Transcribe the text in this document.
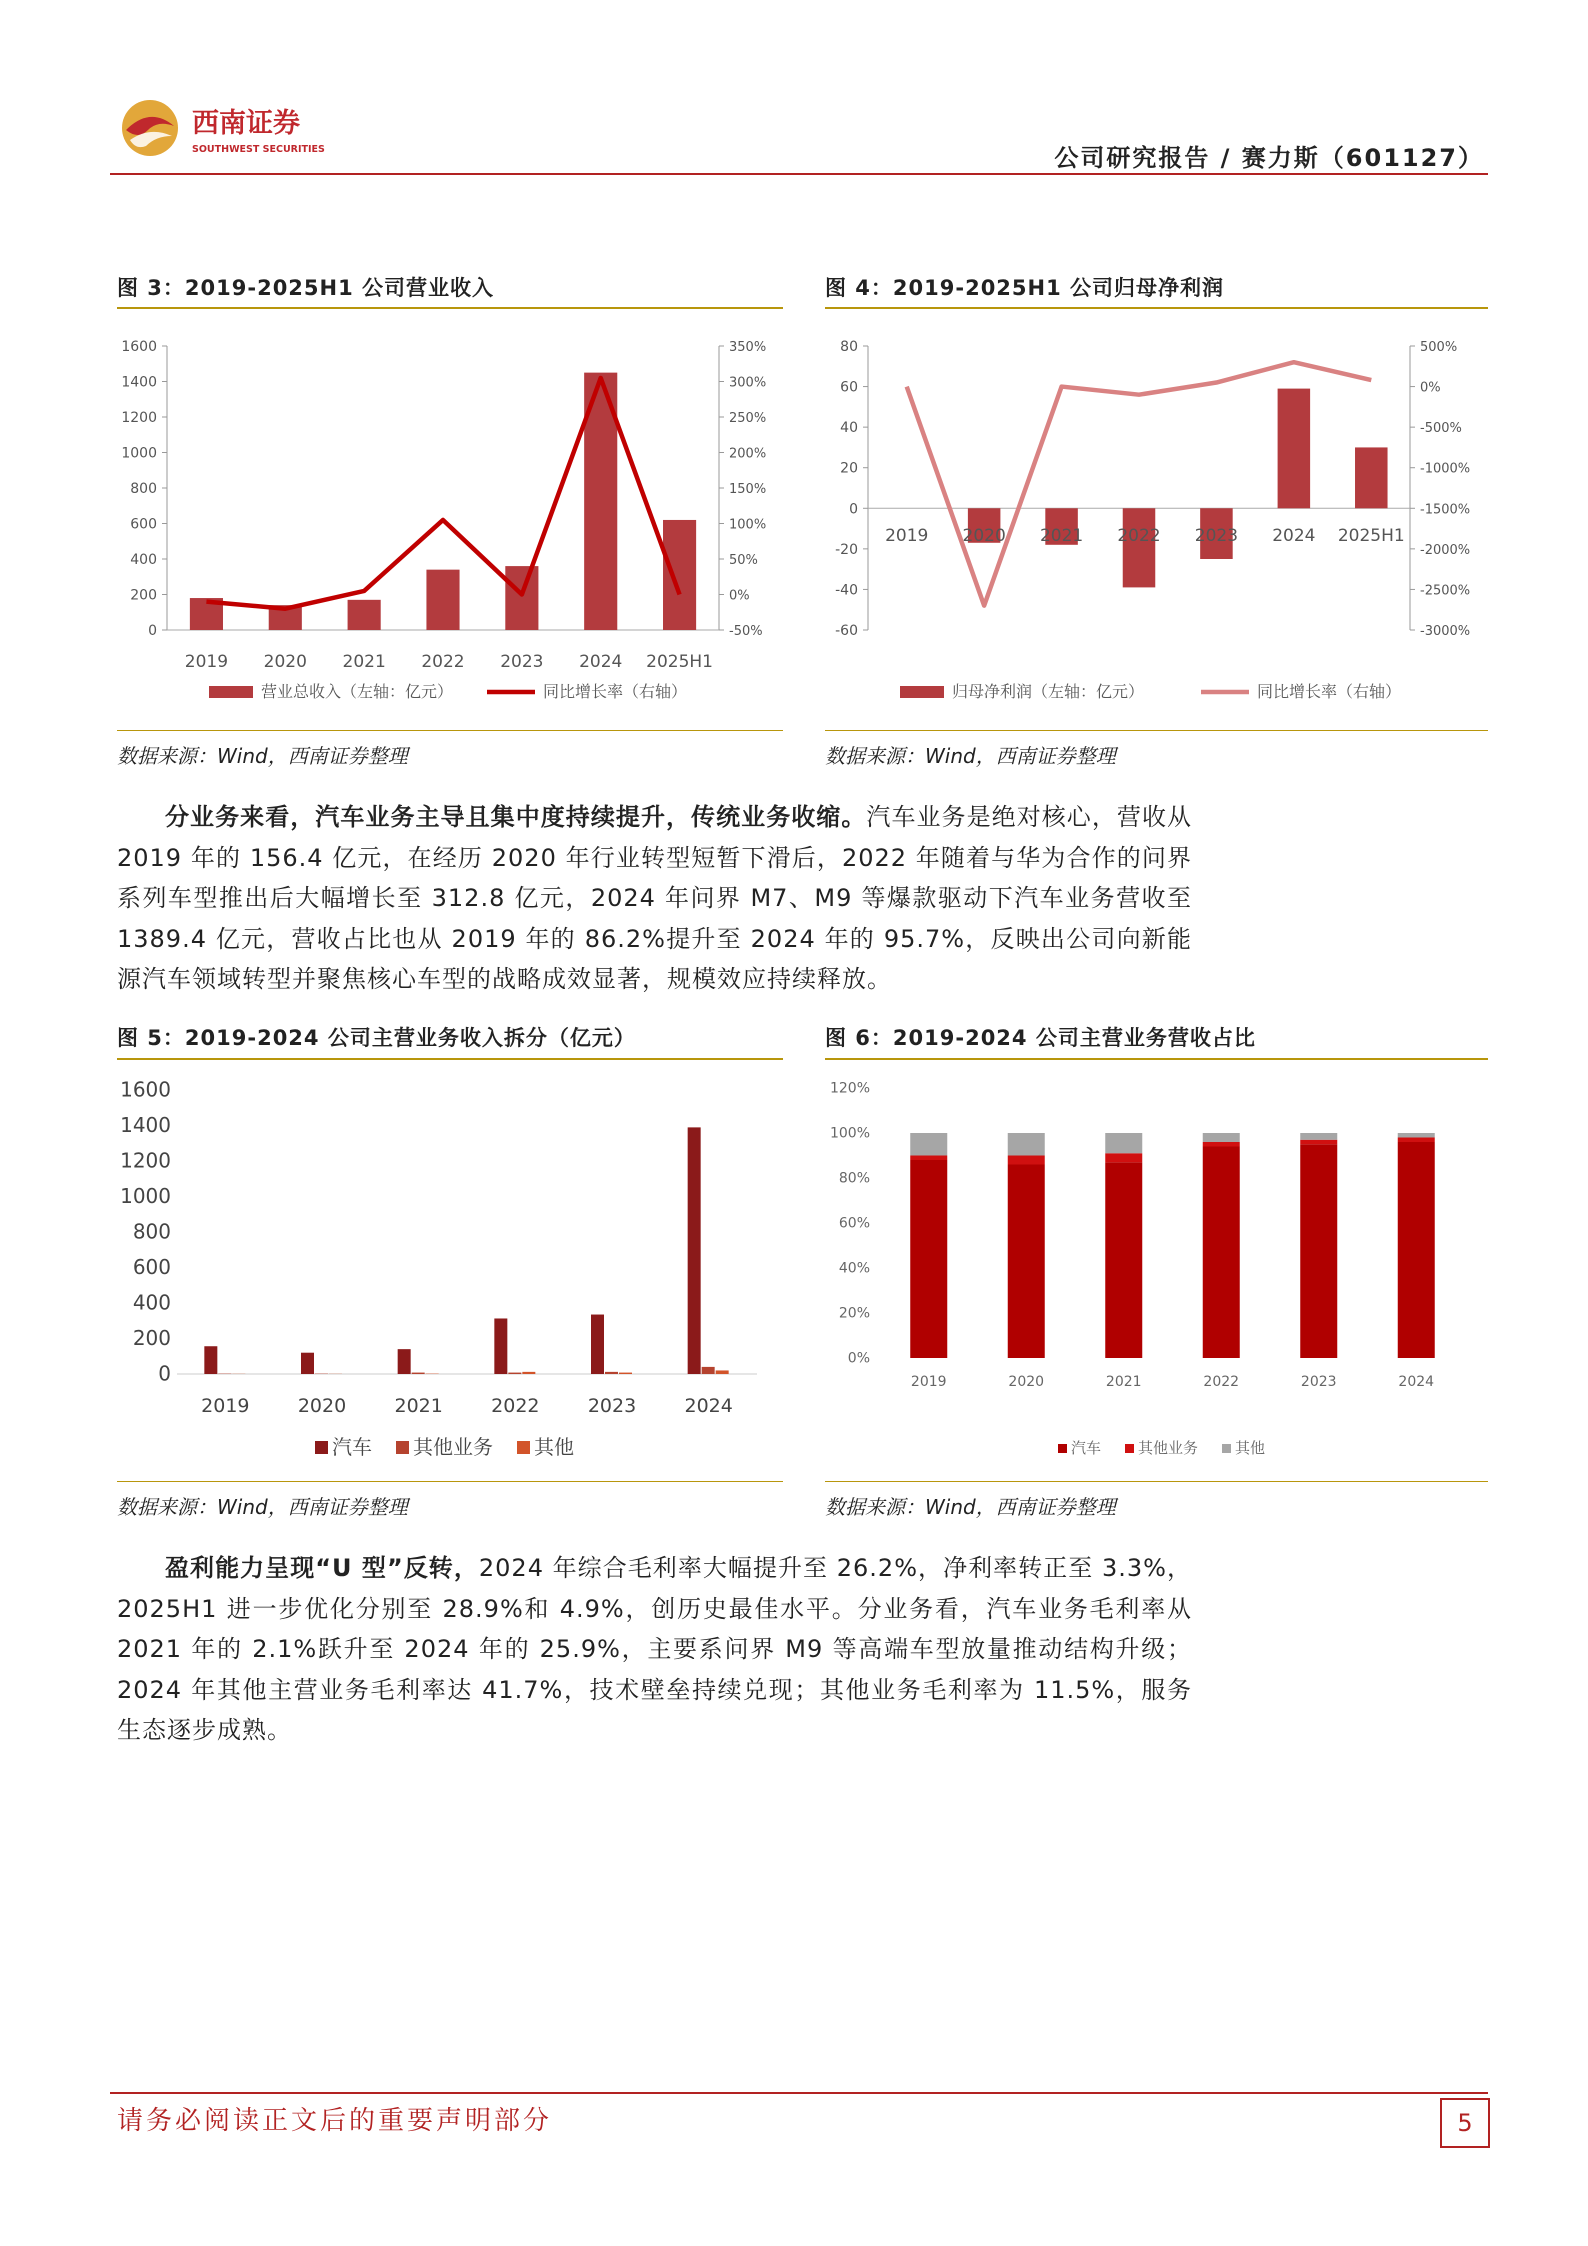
西南证券
SOUTHWEST SECURITIES	公司研究报告 / 赛力斯（601127）
图 3：2019-2025H1 公司营业收入
0
200
400
600
800
1000
1200
1400
1600
-50%
0%
50%
100%
150%
200%
250%
300%
350%
2019 2020 2021 2022 2023 2024 2025H1
营业总收入（左轴：亿元）	同比增长率（右轴）
数据来源：Wind，西南证券整理
图 4：2019-2025H1 公司归母净利润
-60
-40
-20
0
20
40
60
80
-3000%
-2500%
-2000%
-1500%
-1000%
-500%
0%
500%
2019 2020 2021 2022 2023 2024 2025H1
归母净利润（左轴：亿元）	同比增长率（右轴）
数据来源：Wind，西南证券整理
分业务来看，汽车业务主导且集中度持续提升，传统业务收缩。汽车业务是绝对核心，营收从 2019 年的 156.4 亿元，在经历 2020 年行业转型短暂下滑后，2022 年随着与华为合作的问界系列车型推出后大幅增长至 312.8 亿元，2024 年问界 M7、M9 等爆款驱动下汽车业务营收至 1389.4 亿元，营收占比也从 2019 年的 86.2%提升至 2024 年的 95.7%，反映出公司向新能源汽车领域转型并聚焦核心车型的战略成效显著，规模效应持续释放。
图 5：2019-2024 公司主营业务收入拆分（亿元）
0
200
400
600
800
1000
1200
1400
1600
2019	2020	2021	2022	2023	2024
汽车 其他业务 其他
数据来源：Wind，西南证券整理
图 6：2019-2024 公司主营业务营收占比
0%
20%
40%
60%
80%
100%
120%
2019	2020	2021	2022	2023	2024
汽车 其他业务 其他
数据来源：Wind，西南证券整理
盈利能力呈现“U 型”反转，2024 年综合毛利率大幅提升至 26.2%，净利率转正至 3.3%，2025H1 进一步优化分别至 28.9%和 4.9%，创历史最佳水平。分业务看，汽车业务毛利率从 2021 年的 2.1%跃升至 2024 年的 25.9%，主要系问界 M9 等高端车型放量推动结构升级；2024 年其他主营业务毛利率达 41.7%，技术壁垒持续兑现；其他业务毛利率为 11.5%，服务生态逐步成熟。
请务必阅读正文后的重要声明部分	5
